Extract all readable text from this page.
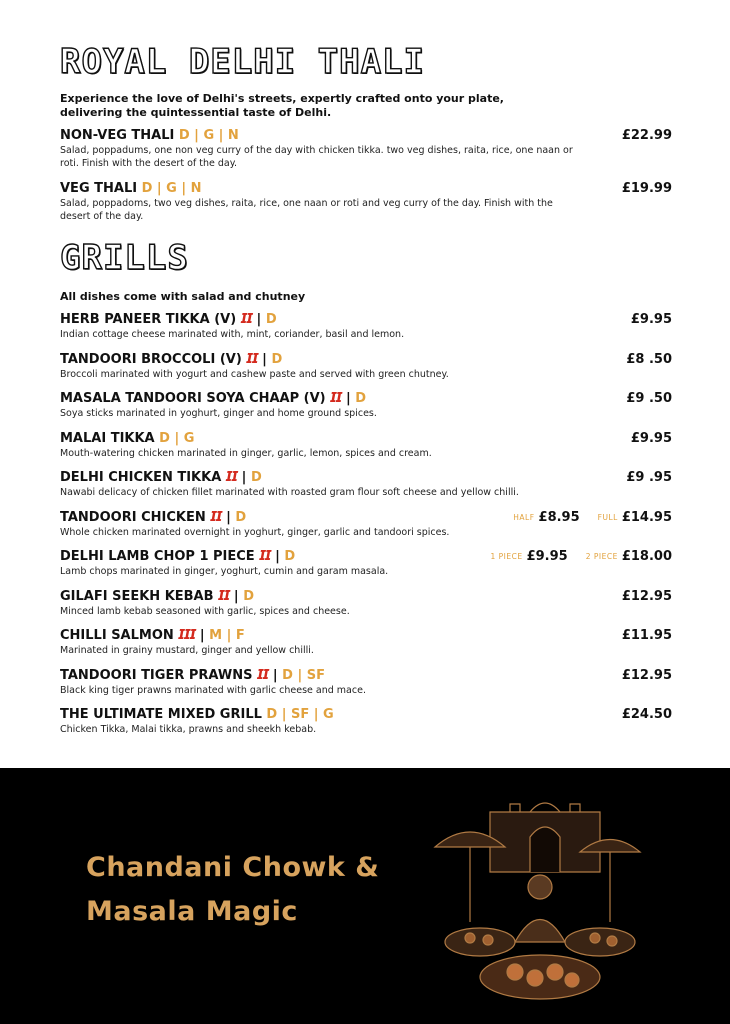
ROYAL DELHI THALI
Experience the love of Delhi's streets, expertly crafted onto your plate, delivering the quintessential taste of Delhi.
NON-VEG THALI D | G | N
Salad, poppadums, one non veg curry of the day with chicken tikka. two veg dishes, raita, rice, one naan or roti. Finish with the desert of the day.
£22.99
VEG THALI D | G | N
Salad, poppadoms, two veg dishes, raita, rice, one naan or roti and veg curry of the day. Finish with the desert of the day.
£19.99
GRILLS
All dishes come with salad and chutney
HERB PANEER TIKKA (V) 𝙄𝙄 | D
Indian cottage cheese marinated with, mint, coriander, basil and lemon.
£9.95
TANDOORI BROCCOLI (V) 𝙄𝙄 | D
Broccoli marinated with yogurt and cashew paste and served with green chutney.
£8 .50
MASALA TANDOORI SOYA CHAAP (V) 𝙄𝙄 | D
Soya sticks marinated in yoghurt, ginger and home ground spices.
£9 .50
MALAI TIKKA D | G
Mouth-watering chicken marinated in ginger, garlic, lemon, spices and cream.
£9.95
DELHI CHICKEN TIKKA 𝙄𝙄 | D
Nawabi delicacy of chicken fillet marinated with roasted gram flour soft cheese and yellow chilli.
£9 .95
TANDOORI CHICKEN 𝙄𝙄 | D
Whole chicken marinated overnight in yoghurt, ginger, garlic and tandoori spices.
HALF £8.95 FULL £14.95
DELHI LAMB CHOP 1 PIECE 𝙄𝙄 | D
Lamb chops marinated in ginger, yoghurt, cumin and garam masala.
1 PIECE £9.95 2 PIECE £18.00
GILAFI SEEKH KEBAB 𝙄𝙄 | D
Minced lamb kebab seasoned with garlic, spices and cheese.
£12.95
CHILLI SALMON 𝙄𝙄𝙄 | M | F
Marinated in grainy mustard, ginger and yellow chilli.
£11.95
TANDOORI TIGER PRAWNS 𝙄𝙄 | D | SF
Black king tiger prawns marinated with garlic cheese and mace.
£12.95
THE ULTIMATE MIXED GRILL D | SF | G
Chicken Tikka, Malai tikka, prawns and sheekh kebab.
£24.50
Chandani Chowk &
Masala Magic
